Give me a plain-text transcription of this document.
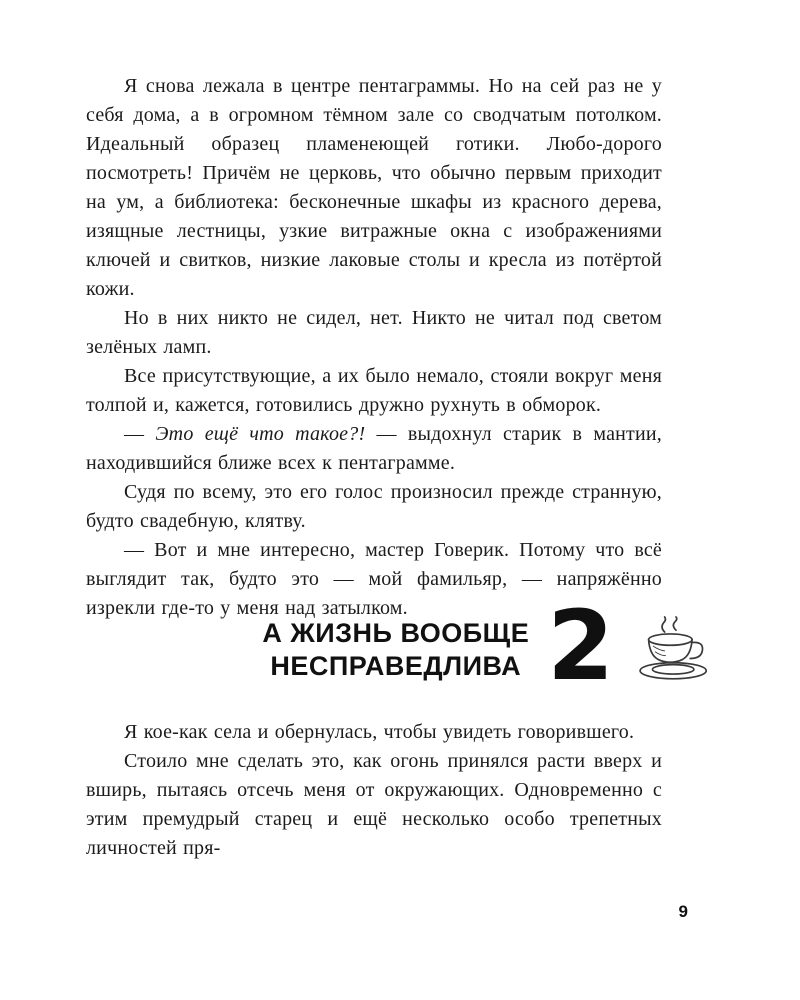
Я снова лежала в центре пентаграммы. Но на сей раз не у себя дома, а в огромном тёмном зале со сводчатым потолком. Идеальный образец пламенеющей готики. Любо-дорого посмотреть! Причём не церковь, что обычно первым приходит на ум, а библиотека: бесконечные шкафы из красного дерева, изящные лестницы, узкие витражные окна с изображениями ключей и свитков, низкие лаковые столы и кресла из потёртой кожи.

Но в них никто не сидел, нет. Никто не читал под светом зелёных ламп.

Все присутствующие, а их было немало, стояли вокруг меня толпой и, кажется, готовились дружно рухнуть в обморок.

— Это ещё что такое?! — выдохнул старик в мантии, находившийся ближе всех к пентаграмме.

Судя по всему, это его голос произносил прежде странную, будто свадебную, клятву.

— Вот и мне интересно, мастер Говерик. Потому что всё выглядит так, будто это — мой фамильяр, — напряжённо изрекли где-то у меня над затылком.

А ЖИЗНЬ ВООБЩЕ
НЕСПРАВЕДЛИВА 2

Я кое-как села и обернулась, чтобы увидеть говорившего.

Стоило мне сделать это, как огонь принялся расти вверх и вширь, пытаясь отсечь меня от окружающих. Одновременно с этим премудрый старец и ещё несколько особо трепетных личностей пря-

9
